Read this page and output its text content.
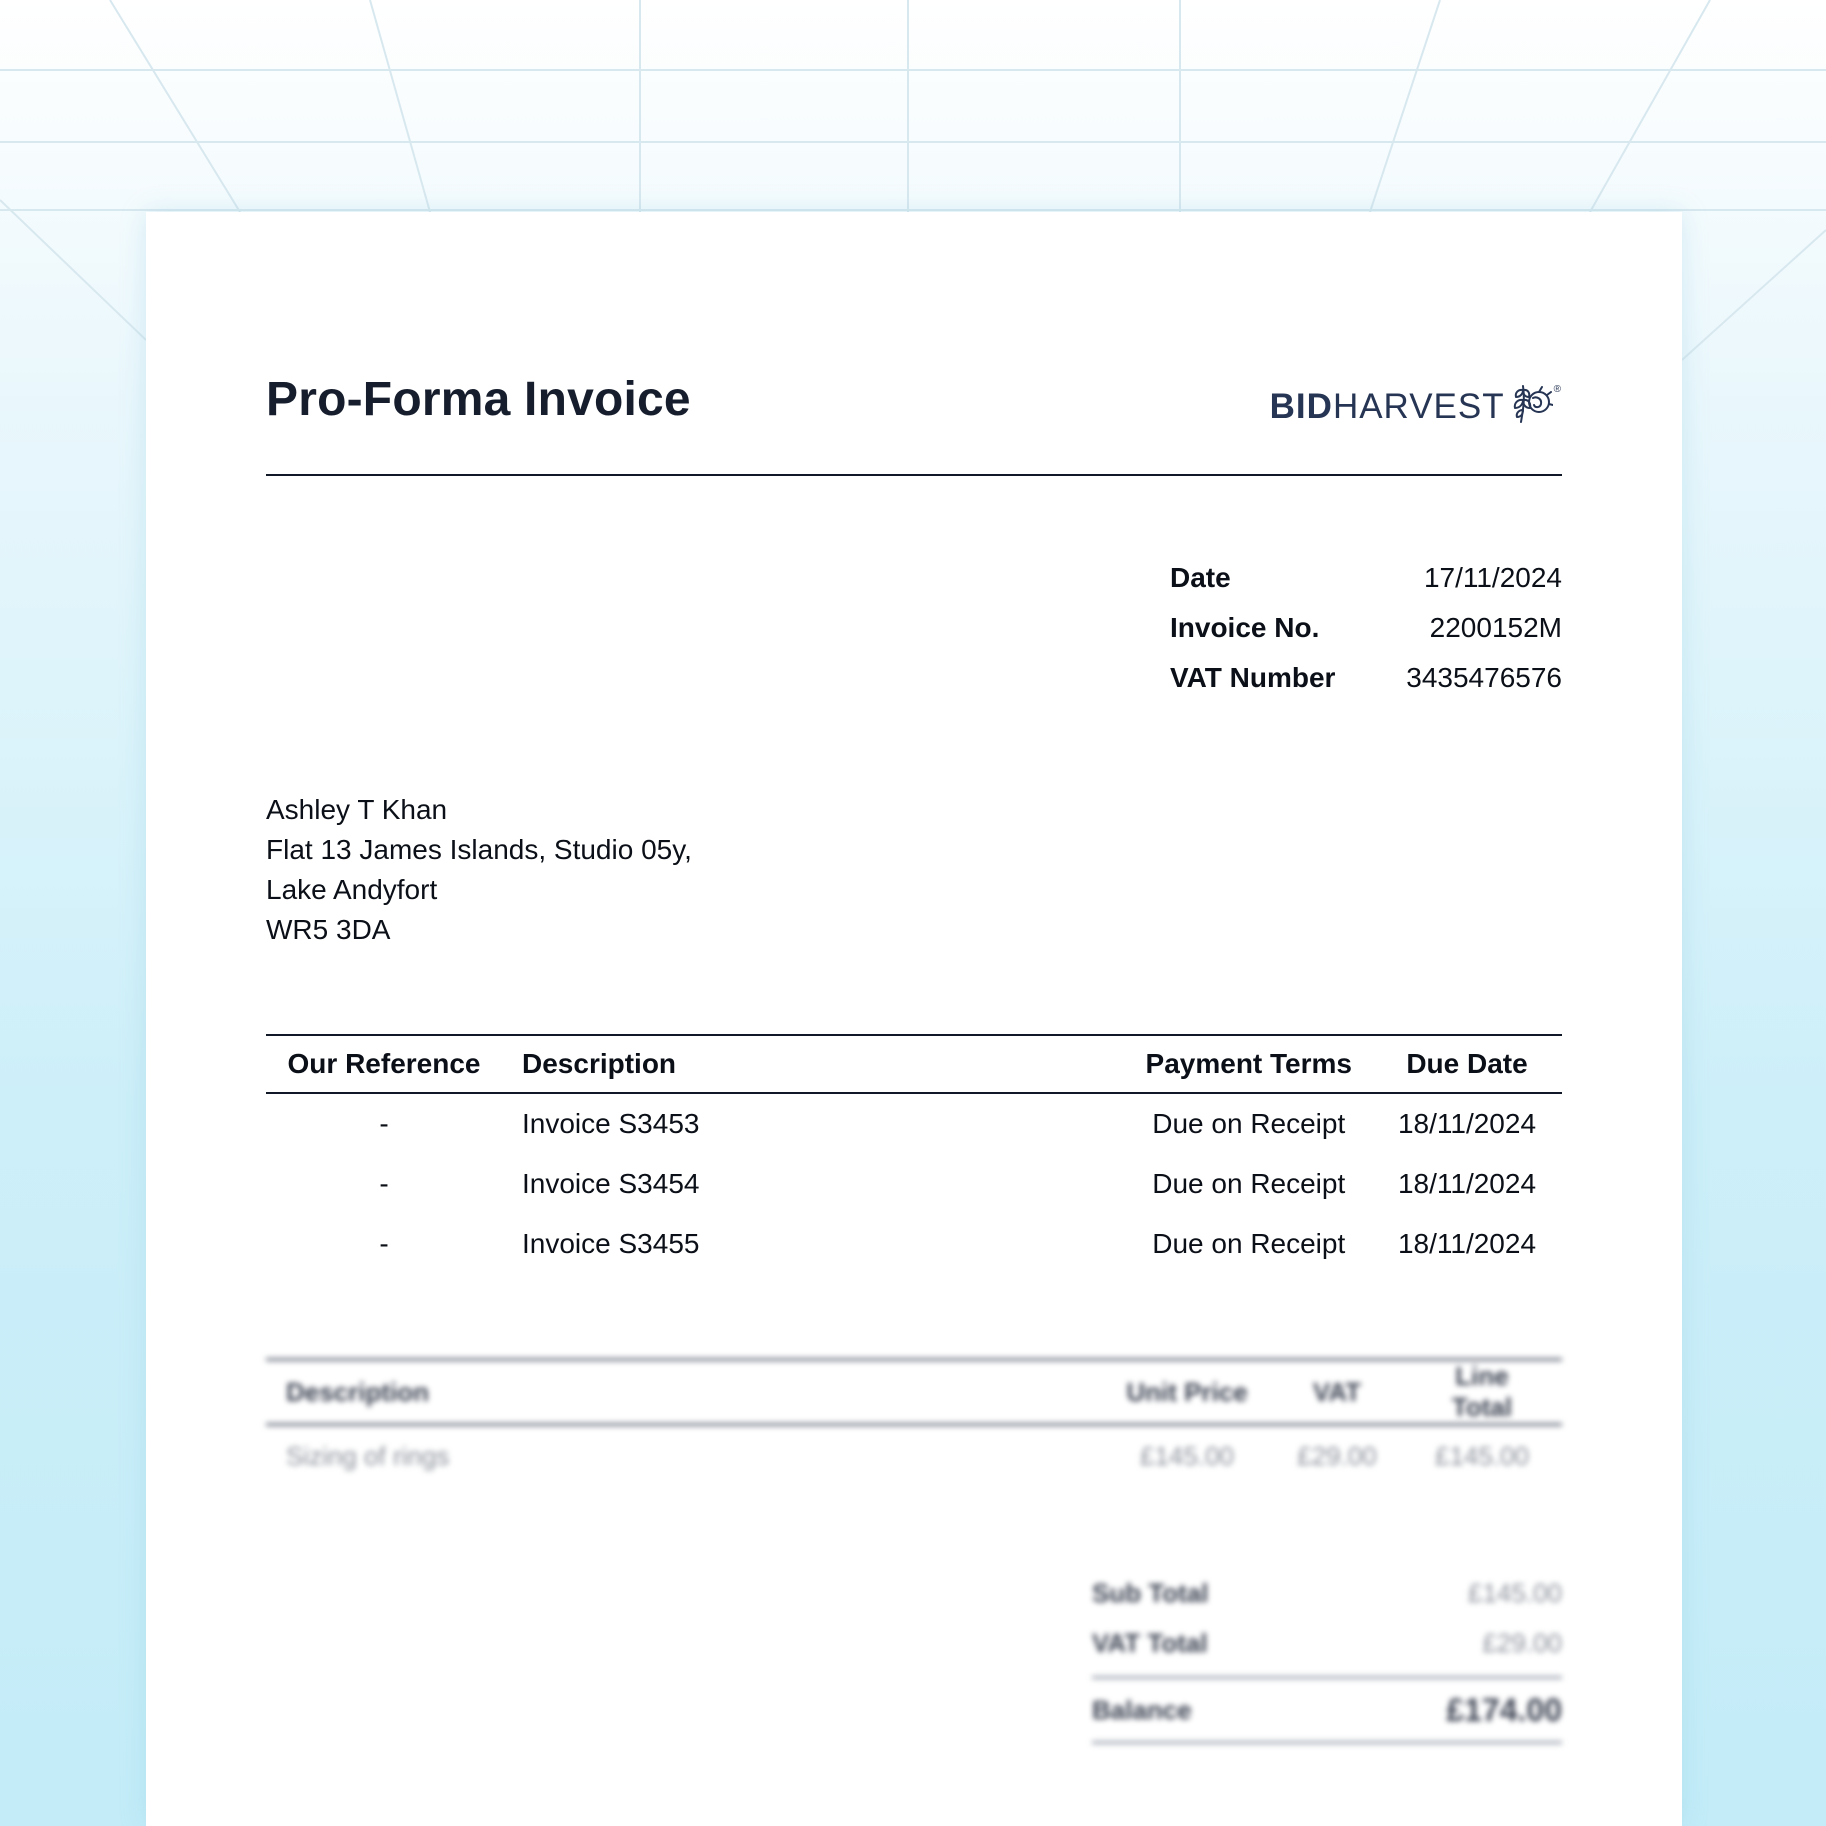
Pro-Forma Invoice	BID HARVEST	®
Date	17/11/2024
Invoice No.	2200152M
VAT Number	3435476576
Ashley T Khan
Flat 13 James Islands, Studio 05y,
Lake Andyfort
WR5 3DA
Our Reference	Description	Payment Terms	Due Date
-	Invoice S3453	Due on Receipt	18/11/2024
-	Invoice S3454	Due on Receipt	18/11/2024
-	Invoice S3455	Due on Receipt	18/11/2024
Description	Unit Price	VAT	Line Total
Sizing of rings	£145.00	£29.00	£145.00
Sub Total	£145.00
VAT Total	£29.00
Balance	£174.00
